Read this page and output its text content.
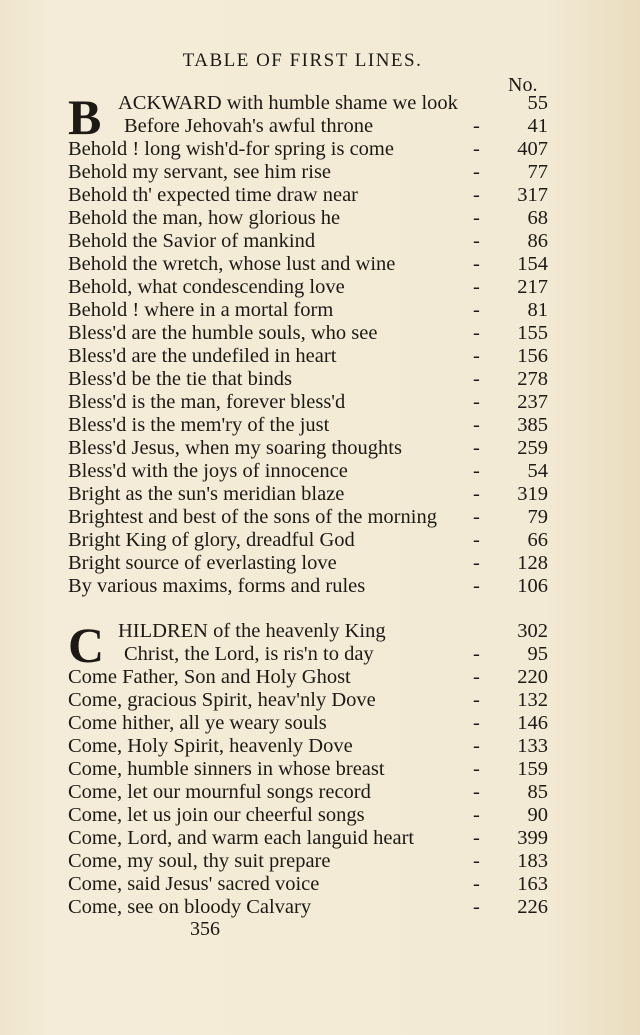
TABLE OF FIRST LINES.
No.
B ACKWARD with humble shame we look	55
Before Jehovah's awful throne	- 41
Behold ! long wish'd-for spring is come	- 407
Behold my servant, see him rise	- 77
Behold th' expected time draw near	- 317
Behold the man, how glorious he	- 68
Behold the Savior of mankind	- 86
Behold the wretch, whose lust and wine	- 154
Behold, what condescending love	- 217
Behold ! where in a mortal form	- 81
Bless'd are the humble souls, who see	- 155
Bless'd are the undefiled in heart	- 156
Bless'd be the tie that binds	- 278
Bless'd is the man, forever bless'd	- 237
Bless'd is the mem'ry of the just	- 385
Bless'd Jesus, when my soaring thoughts	- 259
Bless'd with the joys of innocence	- 54
Bright as the sun's meridian blaze	- 319
Brightest and best of the sons of the morning - 79
Bright King of glory, dreadful God	- 66
Bright source of everlasting love	- 128
By various maxims, forms and rules	- 106
C HILDREN of the heavenly King	302
Christ, the Lord, is ris'n to day	- 95
Come Father, Son and Holy Ghost	- 220
Come, gracious Spirit, heav'nly Dove	- 132
Come hither, all ye weary souls	- 146
Come, Holy Spirit, heavenly Dove	- 133
Come, humble sinners in whose breast	- 159
Come, let our mournful songs record	- 85
Come, let us join our cheerful songs	- 90
Come, Lord, and warm each languid heart	- 399
Come, my soul, thy suit prepare	- 183
Come, said Jesus' sacred voice	- 163
Come, see on bloody Calvary	- 226
356
